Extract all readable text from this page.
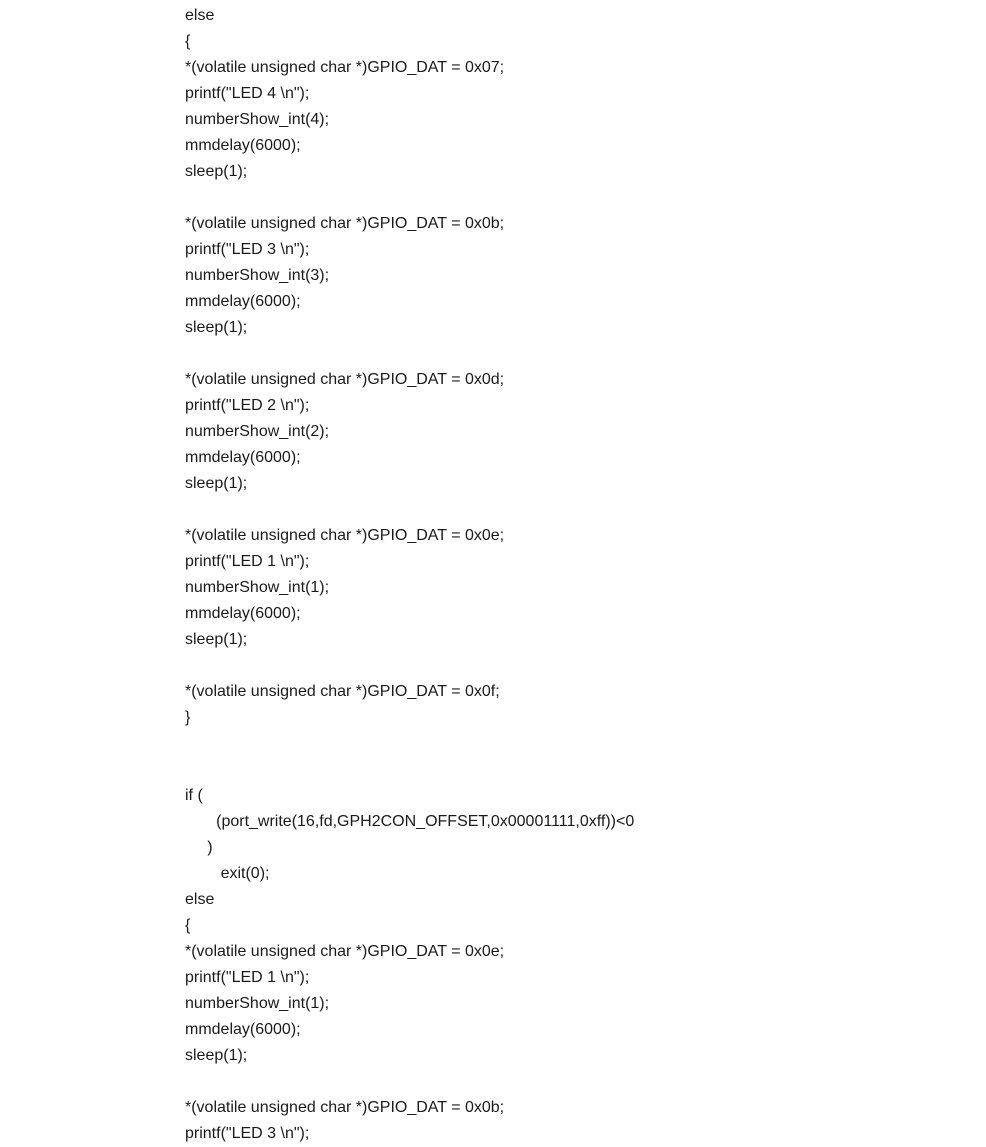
else
{
*(volatile unsigned char *)GPIO_DAT = 0x07;
printf("LED 4 \n");
numberShow_int(4);
mmdelay(6000);
sleep(1);
*(volatile unsigned char *)GPIO_DAT = 0x0b;
printf("LED 3 \n");
numberShow_int(3);
mmdelay(6000);
sleep(1);
*(volatile unsigned char *)GPIO_DAT = 0x0d;
printf("LED 2 \n");
numberShow_int(2);
mmdelay(6000);
sleep(1);
*(volatile unsigned char *)GPIO_DAT = 0x0e;
printf("LED 1 \n");
numberShow_int(1);
mmdelay(6000);
sleep(1);
*(volatile unsigned char *)GPIO_DAT = 0x0f;
}
if (
(port_write(16,fd,GPH2CON_OFFSET,0x00001111,0xff))<0
)
exit(0);
else
{
*(volatile unsigned char *)GPIO_DAT = 0x0e;
printf("LED 1 \n");
numberShow_int(1);
mmdelay(6000);
sleep(1);
*(volatile unsigned char *)GPIO_DAT = 0x0b;
printf("LED 3 \n");
